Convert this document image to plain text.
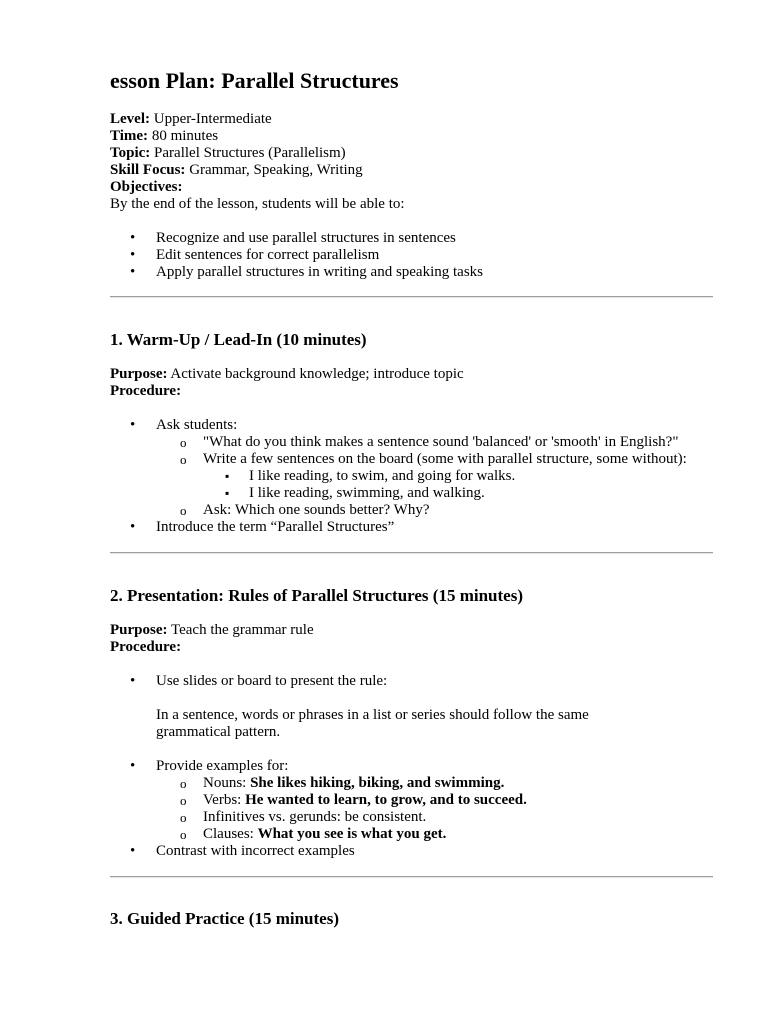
esson Plan: Parallel Structures

Level: Upper-Intermediate

Time: 80 minutes

Topic: Parallel Structures (Parallelism)

Skill Focus: Grammar, Speaking, Writing

Objectives:

By the end of the lesson, students will be able to:

• Recognize and use parallel structures in sentences
• Edit sentences for correct parallelism
• Apply parallel structures in writing and speaking tasks
1. Warm-Up / Lead-In (10 minutes)

Purpose: Activate background knowledge; introduce topic

Procedure:

• Ask students:
o "What do you think makes a sentence sound 'balanced' or 'smooth' in English?"
o Write a few sentences on the board (some with parallel structure, some without):
▪ I like reading, to swim, and going for walks.
▪ I like reading, swimming, and walking.
o Ask: Which one sounds better? Why?
• Introduce the term “Parallel Structures”
2. Presentation: Rules of Parallel Structures (15 minutes)

Purpose: Teach the grammar rule

Procedure:

• Use slides or board to present the rule:
In a sentence, words or phrases in a list or series should follow the same grammatical pattern.
• Provide examples for:
o Nouns: She likes hiking, biking, and swimming.
o Verbs: He wanted to learn, to grow, and to succeed.
o Infinitives vs. gerunds: be consistent.
o Clauses: What you see is what you get.
• Contrast with incorrect examples
3. Guided Practice (15 minutes)
